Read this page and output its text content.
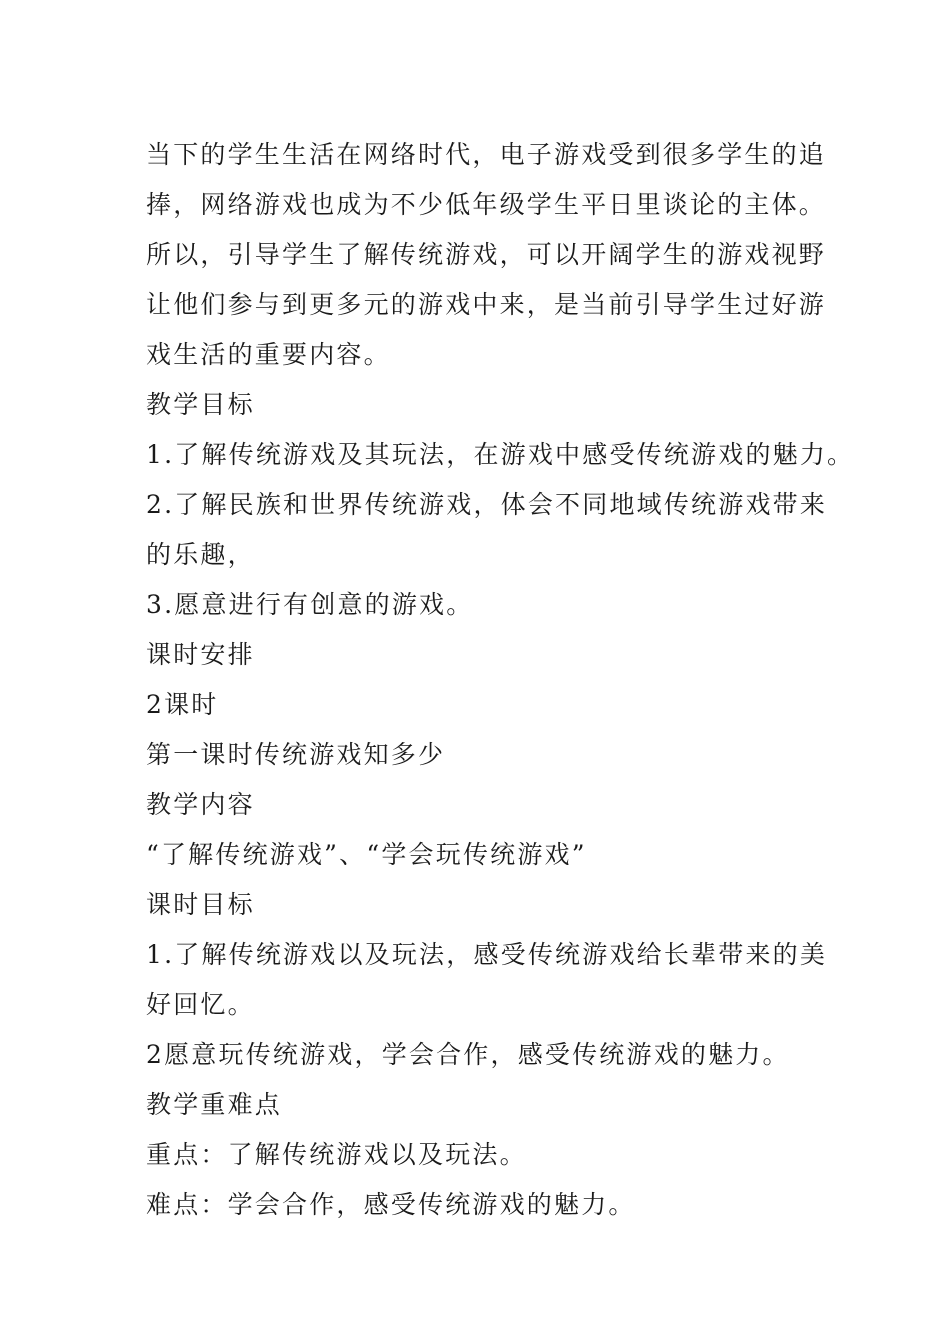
当下的学生生活在网络时代，电子游戏受到很多学生的追
捧，网络游戏也成为不少低年级学生平日里谈论的主体。
所以，引导学生了解传统游戏，可以开阔学生的游戏视野
让他们参与到更多元的游戏中来，是当前引导学生过好游
戏生活的重要内容。
教学目标
1.了解传统游戏及其玩法，在游戏中感受传统游戏的魅力。
2.了解民族和世界传统游戏，体会不同地域传统游戏带来
的乐趣，
3.愿意进行有创意的游戏。
课时安排
2课时
第一课时传统游戏知多少
教学内容
“了解传统游戏”、“学会玩传统游戏”
课时目标
1.了解传统游戏以及玩法，感受传统游戏给长辈带来的美
好回忆。
2愿意玩传统游戏，学会合作，感受传统游戏的魅力。
教学重难点
重点：了解传统游戏以及玩法。
难点：学会合作，感受传统游戏的魅力。
